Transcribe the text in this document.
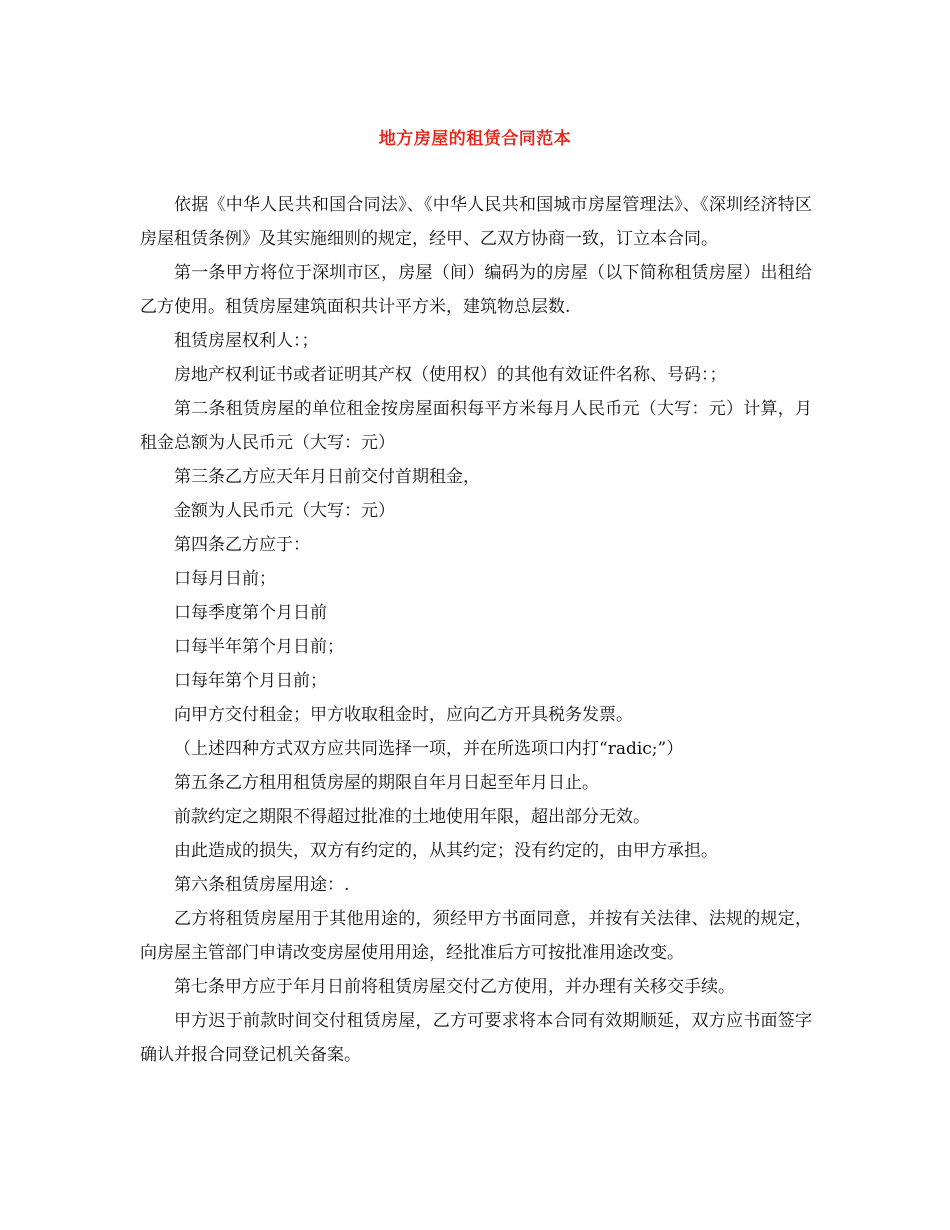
地方房屋的租赁合同范本

依据《中华人民共和国合同法》、《中华人民共和国城市房屋管理法》、《深圳经济特区房屋租赁条例》及其实施细则的规定，经甲、乙双方协商一致，订立本合同。

第一条甲方将位于深圳市区，房屋（间）编码为的房屋（以下简称租赁房屋）出租给乙方使用。租赁房屋建筑面积共计平方米，建筑物总层数.

租赁房屋权利人：；

房地产权利证书或者证明其产权（使用权）的其他有效证件名称、号码：；

第二条租赁房屋的单位租金按房屋面积每平方米每月人民币元（大写：元）计算，月租金总额为人民币元（大写：元）

第三条乙方应天年月日前交付首期租金，

金额为人民币元（大写：元）

第四条乙方应于：

口每月日前；

口每季度第个月日前

口每半年第个月日前；

口每年第个月日前；

向甲方交付租金；甲方收取租金时，应向乙方开具税务发票。

（上述四种方式双方应共同选择一项，并在所选项口内打“radic;”）

第五条乙方租用租赁房屋的期限自年月日起至年月日止。

前款约定之期限不得超过批准的土地使用年限，超出部分无效。

由此造成的损失，双方有约定的，从其约定；没有约定的，由甲方承担。

第六条租赁房屋用途：.

乙方将租赁房屋用于其他用途的，须经甲方书面同意，并按有关法律、法规的规定，向房屋主管部门申请改变房屋使用用途，经批准后方可按批准用途改变。

第七条甲方应于年月日前将租赁房屋交付乙方使用，并办理有关移交手续。

甲方迟于前款时间交付租赁房屋，乙方可要求将本合同有效期顺延，双方应书面签字确认并报合同登记机关备案。
